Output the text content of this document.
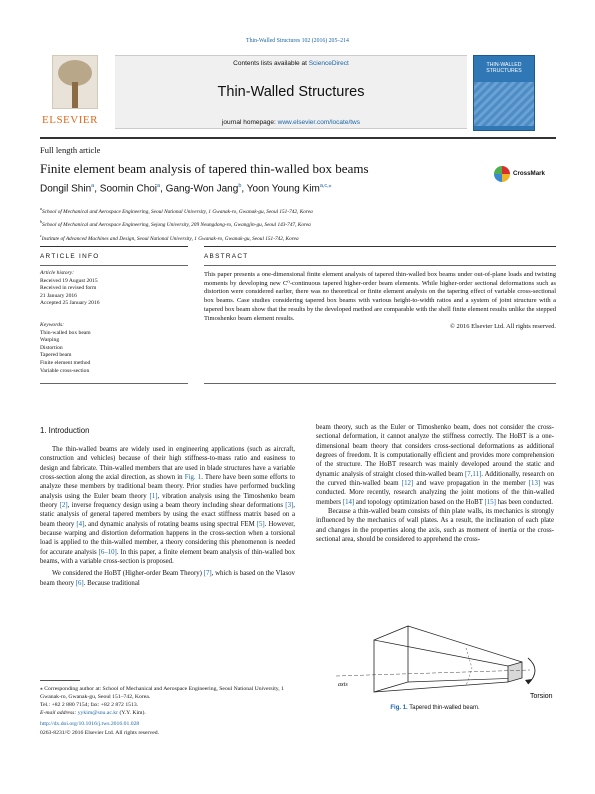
Thin-Walled Structures 102 (2016) 205–214
ELSEVIER
Contents lists available at ScienceDirect
Thin-Walled Structures
journal homepage: www.elsevier.com/locate/tws
THIN-WALLED STRUCTURES
Full length article
Finite element beam analysis of tapered thin-walled box beams	CrossMark
Dongil Shin$^a$, Soomin Choi$^a$, Gang-Won Jang$^b$, Yoon Young Kim$^{a,c,⁎}$
$^a$School of Mechanical and Aerospace Engineering, Seoul National University, 1 Gwanak-ro, Gwanak-gu, Seoul 151-742, Korea
$^b$School of Mechanical and Aerospace Engineering, Sejong University, 209 Neungdong-ro, Gwangjin-gu, Seoul 143-747, Korea
$^c$Institute of Advanced Machines and Design, Seoul National University, 1 Gwanak-ro, Gwanak-gu, Seoul 151-742, Korea
ARTICLE INFO	ABSTRACT
Article history:
Received 19 August 2015
Received in revised form
21 January 2016
Accepted 25 January 2016
Keywords:
Thin-walled box beam
Warping
Distortion
Tapered beam
Finite element method
Variable cross-section
This paper presents a one-dimensional finite element analysis of tapered thin-walled box beams under out-of-plane loads and twisting moments by developing new C⁰-continuous tapered higher-order beam elements. While higher-order sectional deformations such as distortion were considered earlier, there was no theoretical or finite element analysis on the tapering effect of variable cross-sectional box beams. Case studies considering tapered box beams with various height-to-width ratios and a system of joint structure with a tapered box beam show that the results by the developed method are comparable with the shell finite element results unlike the stepped Timoshenko beam element results.
© 2016 Elsevier Ltd. All rights reserved.
1. Introduction

The thin-walled beams are widely used in engineering applications (such as aircraft, construction and vehicles) because of their high stiffness-to-mass ratio and easiness to design and fabricate. Thin-walled members that are used in blade structures have a variable cross-section along the axial direction, as shown in Fig. 1. There have been some efforts to analyze these members by traditional beam theory. Prior studies have performed buckling analysis using the Euler beam theory [1], vibration analysis using the Timoshenko beam theory [2], inverse frequency design using a beam theory including shear deformations [3], static analysis of general tapered members by using the exact stiffness matrix based on a beam theory [4], and dynamic analysis of rotating beams using spectral FEM [5]. However, because warping and distortion deformation happens in the cross-section when a torsional load is applied to the thin-walled member, a theory considering this phenomenon is needed for accurate analysis [6–10]. In this paper, a finite element beam analysis of thin-walled box beams, with a variable cross-section is proposed.

We considered the HoBT (Higher-order Beam Theory) [7], which is based on the Vlasov beam theory [6]. Because traditional

beam theory, such as the Euler or Timoshenko beam, does not consider the cross-sectional deformation, it cannot analyze the stiffness correctly. The HoBT is a one-dimensional beam theory that considers cross-sectional deformations as additional degrees of freedom. It is computationally efficient and provides more comprehension of the structure. The HoBT research was mainly developed around the static and dynamic analysis of straight closed thin-walled beam [7,11]. Additionally, research on the curved thin-walled beam [12] and wave propagation in the member [13] was conducted. More recently, research analyzing the joint motions of the thin-walled members [14] and topology optimization based on the HoBT [15] has been conducted.

Because a thin-walled beam consists of thin plate walls, its mechanics is strongly influenced by the mechanics of wall plates. As a result, the inclination of each plate and changes in the properties along the axis, such as moment of inertia or the cross-sectional area, should be considered to apprehend the cross-

Torsion
axis
Fig. 1. Tapered thin-walled beam.
⁎ Corresponding author at: School of Mechanical and Aerospace Engineering, Seoul National University, 1 Gwanak-ro, Gwanak-gu, Seoul 151–742, Korea.
Tel.: +82 2 880 7154; fax: +82 2 872 1513.
E-mail address: yykim@snu.ac.kr (Y.Y. Kim).
http://dx.doi.org/10.1016/j.tws.2016.01.028
0263-8231/© 2016 Elsevier Ltd. All rights reserved.
